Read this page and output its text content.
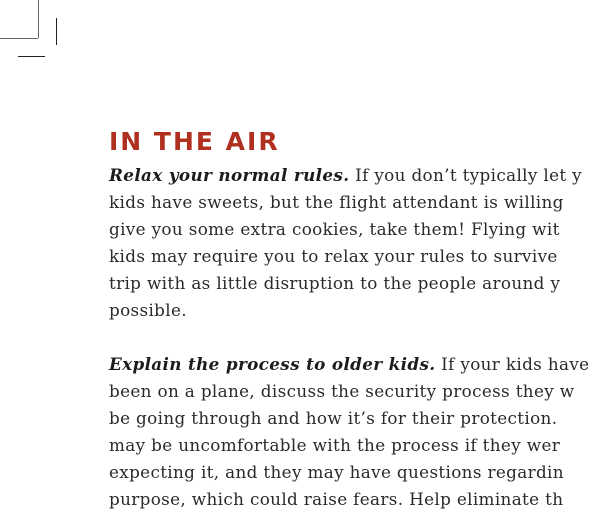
IN THE AIR

Relax your normal rules. If you don’t typically let y
kids have sweets, but the flight attendant is willing
give you some extra cookies, take them! Flying wit
kids may require you to relax your rules to survive
trip with as little disruption to the people around y
possible.

Explain the process to older kids. If your kids have
been on a plane, discuss the security process they w
be going through and how it’s for their protection.
may be uncomfortable with the process if they wer
expecting it, and they may have questions regardin
purpose, which could raise fears. Help eliminate th
